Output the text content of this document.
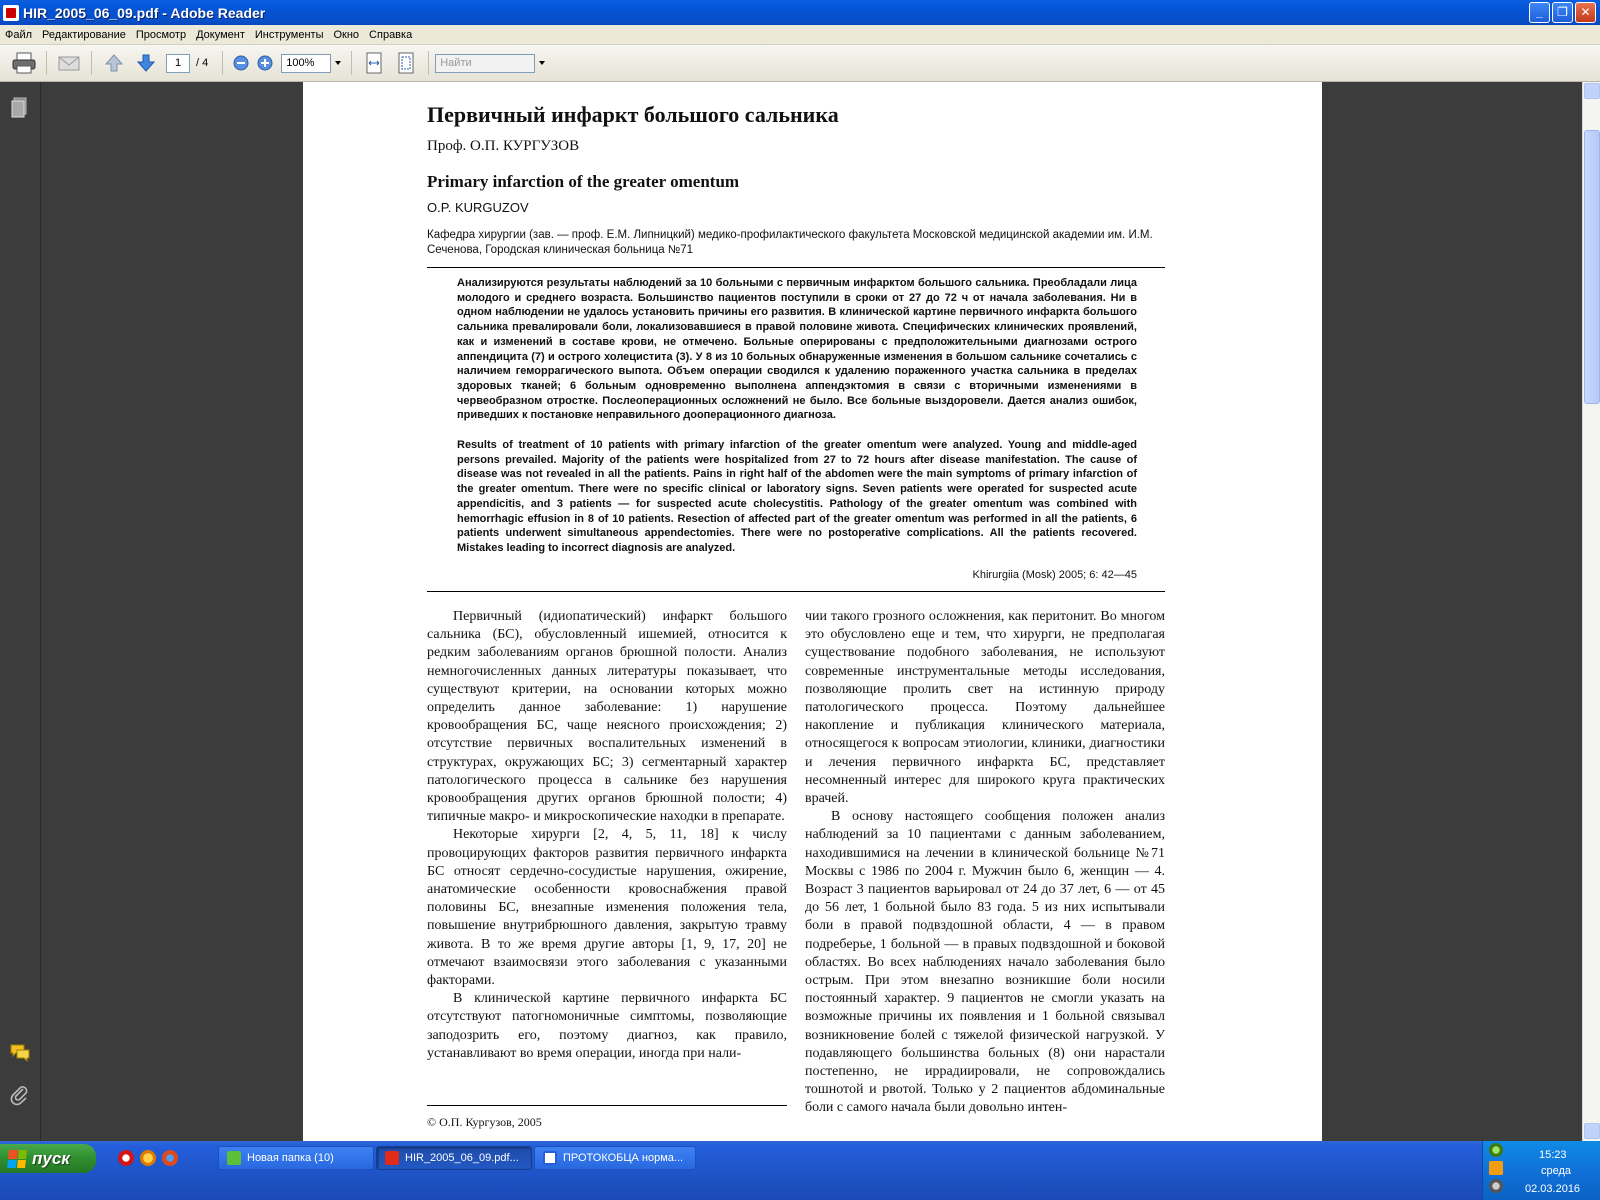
HIR_2005_06_09.pdf - Adobe Reader	_	❐	✕
Файл Редактирование Просмотр Документ Инструменты Окно Справка
1	/ 4	100%	Найти
Первичный инфаркт большого сальника
Проф. О.П. КУРГУЗОВ
Primary infarction of the greater omentum
O.P. KURGUZOV
Кафедра хирургии (зав. — проф. Е.М. Липницкий) медико-профилактического факультета Московской медицинской академии им. И.М. Сеченова, Городская клиническая больница №71
Анализируются результаты наблюдений за 10 больными с первичным инфарктом большого сальника. Преобладали лица молодого и среднего возраста. Большинство пациентов поступили в сроки от 27 до 72 ч от начала заболевания. Ни в одном наблюдении не удалось установить причины его развития. В клинической картине первичного инфаркта большого сальника превалировали боли, локализовавшиеся в правой половине живота. Специфических клинических проявлений, как и изменений в составе крови, не отмечено. Больные оперированы с предположительными диагнозами острого аппендицита (7) и острого холецистита (3). У 8 из 10 больных обнаруженные изменения в большом сальнике сочетались с наличием геморрагического выпота. Объем операции сводился к удалению пораженного участка сальника в пределах здоровых тканей; 6 больным одновременно выполнена аппендэктомия в связи с вторичными изменениями в червеобразном отростке. Послеоперационных осложнений не было. Все больные выздоровели. Дается анализ ошибок, приведших к постановке неправильного дооперационного диагноза.
Results of treatment of 10 patients with primary infarction of the greater omentum were analyzed. Young and middle-aged persons prevailed. Majority of the patients were hospitalized from 27 to 72 hours after disease manifestation. The cause of disease was not revealed in all the patients. Pains in right half of the abdomen were the main symptoms of primary infarction of the greater omentum. There were no specific clinical or laboratory signs. Seven patients were operated for suspected acute appendicitis, and 3 patients — for suspected acute cholecystitis. Pathology of the greater omentum was combined with hemorrhagic effusion in 8 of 10 patients. Resection of affected part of the greater omentum was performed in all the patients, 6 patients underwent simultaneous appendectomies. There were no postoperative complications. All the patients recovered. Mistakes leading to incorrect diagnosis are analyzed.
Khirurgiia (Mosk) 2005; 6: 42—45

Первичный (идиопатический) инфаркт большого сальника (БС), обусловленный ишемией, относится к редким заболеваниям органов брюшной полости. Анализ немногочисленных данных литературы показывает, что существуют критерии, на основании которых можно определить данное заболевание: 1) нарушение кровообращения БС, чаще неясного происхождения; 2) отсутствие первичных воспалительных изменений в структурах, окружающих БС; 3) сегментарный характер патологического процесса в сальнике без нарушения кровообращения других органов брюшной полости; 4) типичные макро- и микроскопические находки в препарате.

Некоторые хирурги [2, 4, 5, 11, 18] к числу провоцирующих факторов развития первичного инфаркта БС относят сердечно-сосудистые нарушения, ожирение, анатомические особенности кровоснабжения правой половины БС, внезапные изменения положения тела, повышение внутрибрюшного давления, закрытую травму живота. В то же время другие авторы [1, 9, 17, 20] не отмечают взаимосвязи этого заболевания с указанными факторами.

В клинической картине первичного инфаркта БС отсутствуют патогномоничные симптомы, позволяющие заподозрить его, поэтому диагноз, как правило, устанавливают во время операции, иногда при нали-

чии такого грозного осложнения, как перитонит. Во многом это обусловлено еще и тем, что хирурги, не предполагая существование подобного заболевания, не используют современные инструментальные методы исследования, позволяющие пролить свет на истинную природу патологического процесса. Поэтому дальнейшее накопление и публикация клинического материала, относящегося к вопросам этиологии, клиники, диагностики и лечения первичного инфаркта БС, представляет несомненный интерес для широкого круга практических врачей.

В основу настоящего сообщения положен анализ наблюдений за 10 пациентами с данным заболеванием, находившимися на лечении в клинической больнице №71 Москвы с 1986 по 2004 г. Мужчин было 6, женщин — 4. Возраст 3 пациентов варьировал от 24 до 37 лет, 6 — от 45 до 56 лет, 1 больной было 83 года. 5 из них испытывали боли в правой подвздошной области, 4 — в правом подреберье, 1 больной — в правых подвздошной и боковой областях. Во всех наблюдениях начало заболевания было острым. При этом внезапно возникшие боли носили постоянный характер. 9 пациентов не смогли указать на возможные причины их появления и 1 больной связывал возникновение болей с тяжелой физической нагрузкой. У подавляющего большинства больных (8) они нарастали постепенно, не иррадиировали, не сопровождались тошнотой и рвотой. Только у 2 пациентов абдоминальные боли с самого начала были довольно интен-

© О.П. Кургузов, 2005
пуск	Новая папка (10)	HIR_2005_06_09.pdf...	ПРОТОКОБЦА норма...	15:23
среда
02.03.2016
